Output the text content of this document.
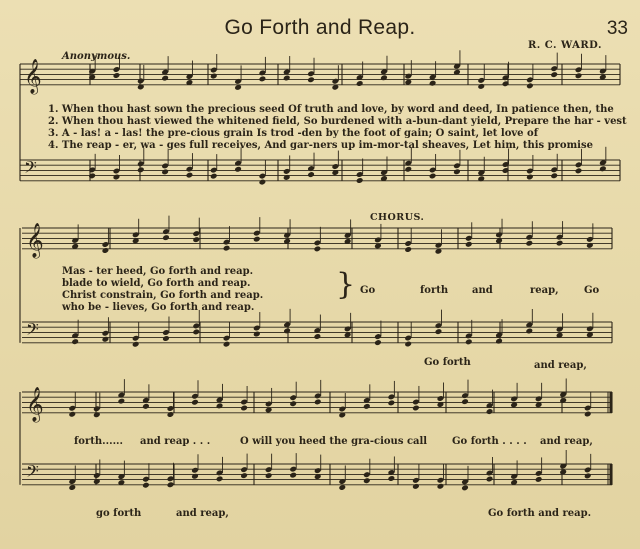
Go Forth and Reap.	33
Anonymous.
R. C. WARD.
𝄞
𝄢
𝄞
𝄢
𝄞
𝄢
1. When thou hast sown the precious seed Of truth and love, by word and deed, In patience then, the
2. When thou hast viewed the whitened field, So burdened with a-bun-dant yield, Prepare the har - vest
3. A - las! a - las! the pre-cious grain Is trod -den by the foot of gain; O saint, let love of
4. The reap - er, wa - ges full receives, And gar-ners up im-mor-tal sheaves, Let him, this promise
CHORUS.
Mas - ter heed, Go forth and reap.
blade to wield, Go forth and reap.
Christ constrain, Go forth and reap.
who be - lieves, Go forth and reap.
} Go	forth and	reap,	Go
Go forth	and reap,
forth...... and reap . . .	O will you heed the gra-cious call Go forth . . . . and reap,
go forth	and reap,	Go forth and reap.
